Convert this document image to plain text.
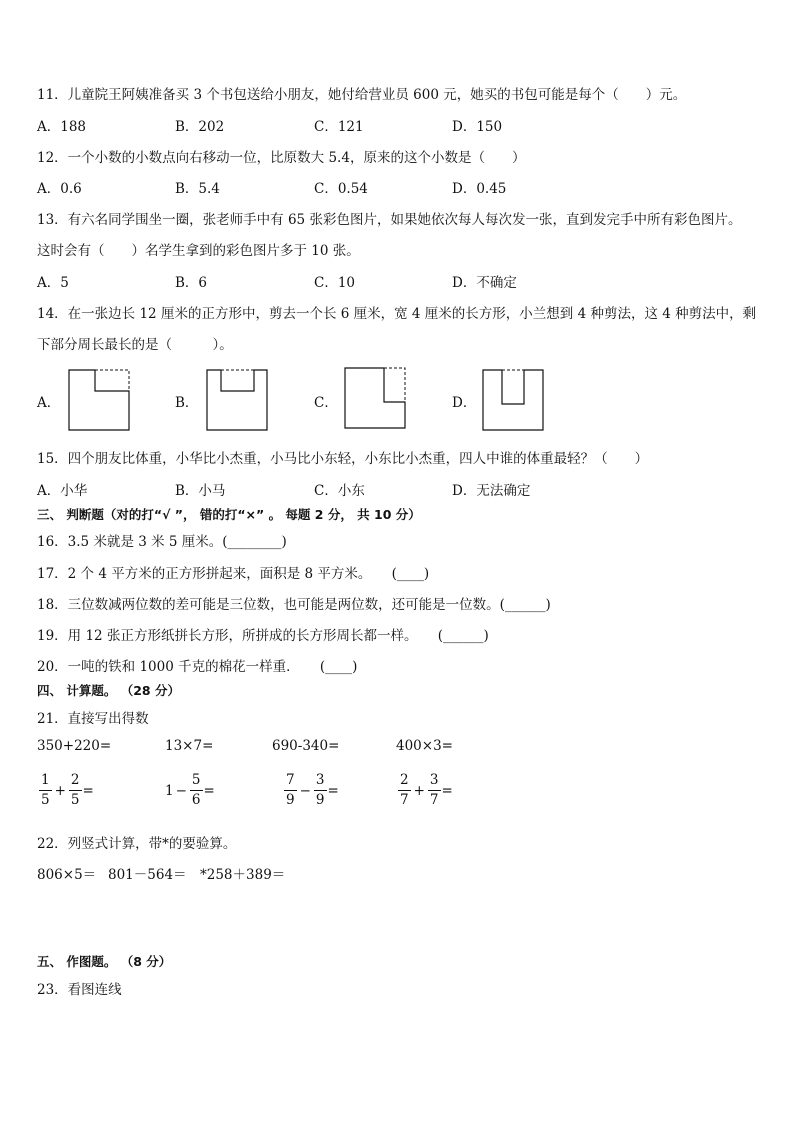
11．儿童院王阿姨准备买 3 个书包送给小朋友，她付给营业员 600 元，她买的书包可能是每个（　　）元。
A．188	B．202	C．121	D．150
12．一个小数的小数点向右移动一位，比原数大 5.4，原来的这个小数是（　　）
A．0.6	B．5.4	C．0.54	D．0.45
13．有六名同学围坐一圈，张老师手中有 65 张彩色图片，如果她依次每人每次发一张，直到发完手中所有彩色图片。
这时会有（　　）名学生拿到的彩色图片多于 10 张。
A．5	B．6	C．10	D．不确定
14．在一张边长 12 厘米的正方形中，剪去一个长 6 厘米，宽 4 厘米的长方形，小兰想到 4 种剪法，这 4 种剪法中，剩
下部分周长最长的是（　　　）。
A．	B．	C．	D．
15．四个朋友比体重，小华比小杰重，小马比小东轻，小东比小杰重，四人中谁的体重最轻？（　　）
A．小华	B．小马	C．小东	D．无法确定
三、 判断题（对的打“√ ”， 错的打“×” 。 每题 2 分， 共 10 分）
16．3.5 米就是 3 米 5 厘米。(________)
17．2 个 4 平方米的正方形拼起来，面积是 8 平方米。　　(____)
18．三位数减两位数的差可能是三位数，也可能是两位数，还可能是一位数。(______)
19．用 12 张正方形纸拼长方形，所拼成的长方形周长都一样。　　(______)
20．一吨的铁和 1000 千克的棉花一样重．　　(____)
四、 计算题。 （28 分）
21．直接写出得数
350+220=	13×7=	690-340=	400×3=
$\frac{1}{5} + \frac{2}{5}$ =	$1 - \frac{5}{6}$ =	$\frac{7}{9} - \frac{3}{9}$ =	$\frac{2}{7} + \frac{3}{7}$ =
22．列竖式计算，带*的要验算。
806×5＝ 801－564＝ *258＋389＝
五、 作图题。 （8 分）
23．看图连线
